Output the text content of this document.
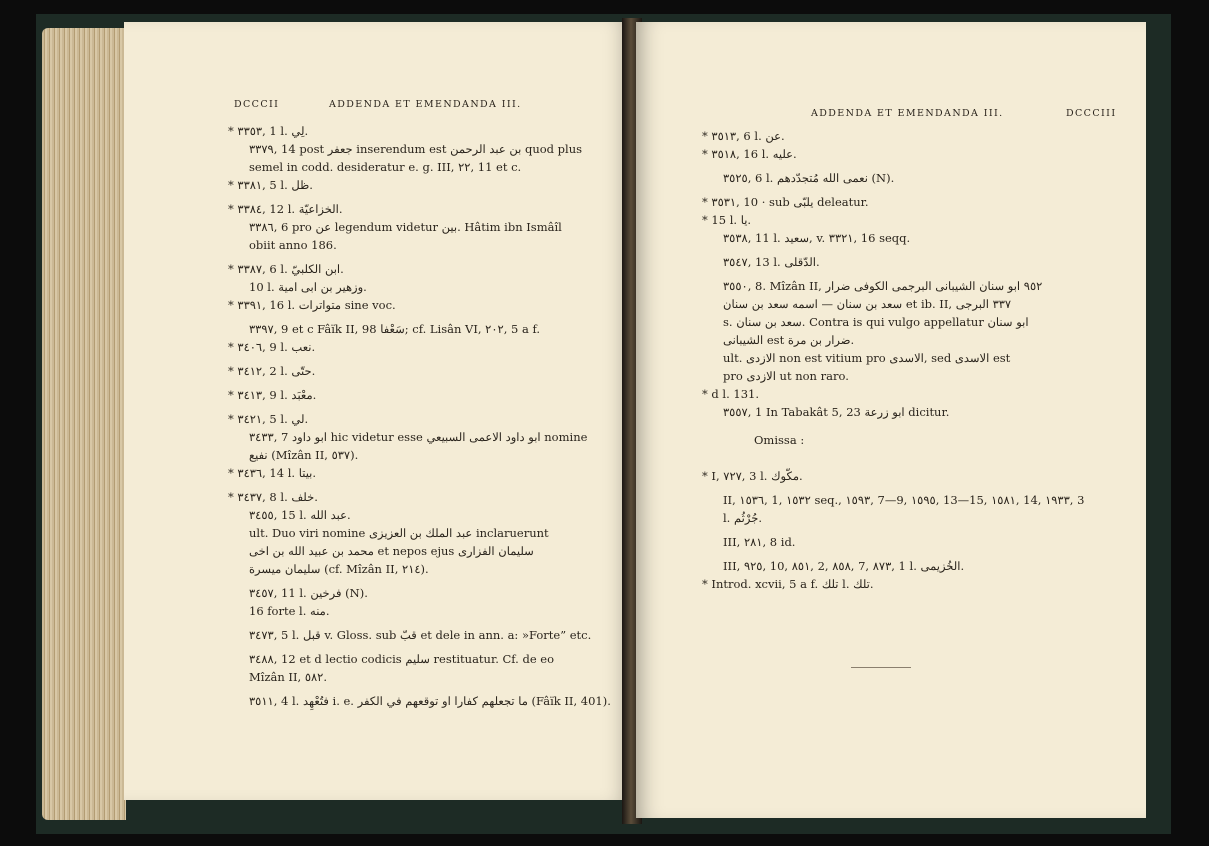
DCCCII	ADDENDA ET EMENDANDA III.
* ٣٣٥٣, 1 l. لِي.
٣٣٧٩, 14 post جعفر inserendum est بن عبد الرحمن quod plus
semel in codd. desideratur e. g. III, ٢٢, 11 et c.
* ٣٣٨١, 5 l. ظل.
* ٣٣٨٤, 12 l. الخزاعيّة.
٣٣٨٦, 6 pro عن legendum videtur بين. Hâtim ibn Ismâîl
obiit anno 186.
* ٣٣٨٧, 6 l. ابن الكلبيّ.
10 l. وزهير بن ابى امية.
* ٣٣٩١, 16 l. متواترات sine voc.
٣٣٩٧, 9 et c Fâïk II, 98 سَعْفا; cf. Lisân VI, ٢٠٢, 5 a f.
* ٣٤٠٦, 9 l. نعب.
* ٣٤١٢, 2 l. حتّى.
* ٣٤١٣, 9 l. معْبَد.
* ٣٤٢١, 5 l. لي.
٣٤٣٣, 7 ابو داود hic videtur esse ابو داود الاعمى السبيعي nomine
نفيع (Mîzân II, ٥٣٧).
* ٣٤٣٦, 14 l. بيتا.
* ٣٤٣٧, 8 l. خلف.
٣٤٥٥, 15 l. عبد الله.
ult. Duo viri nomine عبد الملك بن العزيزى inclaruerunt
محمد بن عبيد الله بن اخى et nepos ejus سليمان الفزارى
سليمان ميسرة (cf. Mîzân II, ٢١٤).
٣٤٥٧, 11 l. فرخين (N).
16 forte l. منه.
٣٤٧٣, 5 l. قبل v. Gloss. sub قبّ et dele in ann. a: »Forte” etc.
٣٤٨٨, 12 et d lectio codicis سليم restituatur. Cf. de eo
Mîzân II, ٥٨٢.
٣٥١١, 4 l. فتُعْهِد i. e. ما تجعلهم كفارا او توقعهم في الكفر (Fâïk II, 401).
ADDENDA ET EMENDANDA III.	DCCCIII
* ٣٥١٣, 6 l. عن.
* ٣٥١٨, 16 l. عليه.
٣٥٢٥, 6 l. نعمى الله مُتجدّدهم (N).
* ٣٥٣١, 10 · sub يلبّى deleatur.
* 15 l. يا.
٣٥٣٨, 11 l. سعيد, v. ٣٣٢١, 16 seqq.
٣٥٤٧, 13 l. الدّقلى.
٣٥٥٠, 8. Mîzân II, ٩٥٢ ابو سنان الشيبانى البرجمى الكوفى ضرار
سعد بن سنان — اسمه سعد بن سنان et ib. II, ٣٣٧ البرجى
s. سعد بن سنان. Contra is qui vulgo appellatur ابو سنان
الشيبانى est ضرار بن مرة.
ult. الازدى non est vitium pro الاسدى, sed الاسدى est
pro الازدى ut non raro.
* d l. 131.
٣٥٥٧, 1 In Tabakât 5, 23 ابو زرعة dicitur.
Omissa :
* I, ٧٢٧, 3 l. مكّوك.
II, ١٥٣٦, 1, ١٥٣٢ seq., ١٥٩٣, 7—9, ١٥٩٥, 13—15, ١٥٨١, 14, ١٩٣٣, 3
l. جُرْثُم.
III, ٢٨١, 8 id.
III, ٩٢٥, 10, ٨٥١, 2, ٨٥٨, 7, ٨٧٣, 1 l. الخُزيمى.
* Introd. xcvii, 5 a f. تلك l. تلك.
